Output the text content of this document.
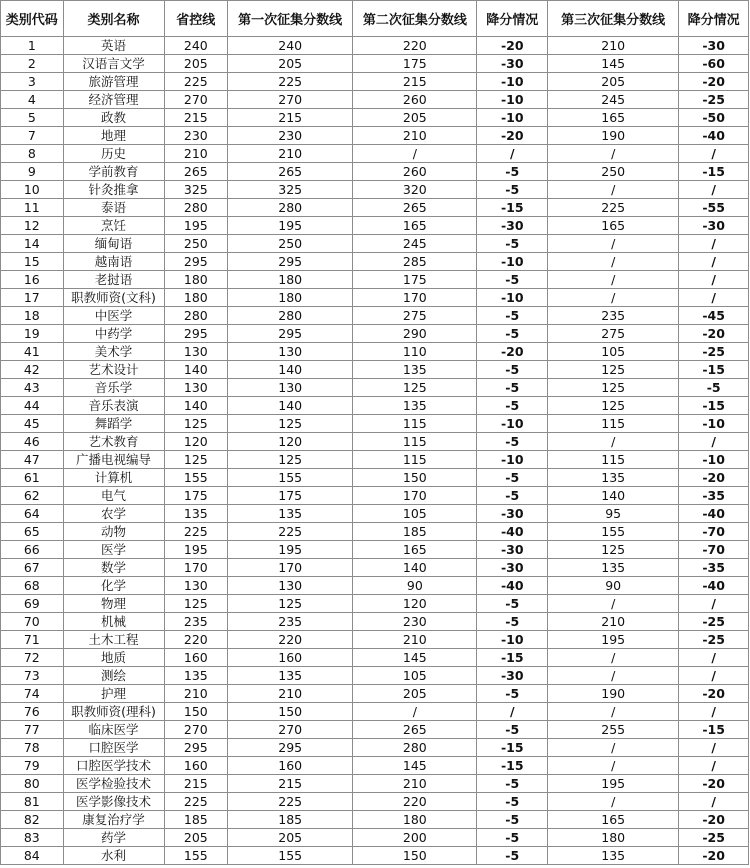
类别代码	类别名称	省控线	第一次征集分数线	第二次征集分数线	降分情况	第三次征集分数线	降分情况
1	英语	240	240	220	-20	210	-30
2	汉语言文学	205	205	175	-30	145	-60
3	旅游管理	225	225	215	-10	205	-20
4	经济管理	270	270	260	-10	245	-25
5	政教	215	215	205	-10	165	-50
7	地理	230	230	210	-20	190	-40
8	历史	210	210	/	/	/	/
9	学前教育	265	265	260	-5	250	-15
10	针灸推拿	325	325	320	-5	/	/
11	泰语	280	280	265	-15	225	-55
12	烹饪	195	195	165	-30	165	-30
14	缅甸语	250	250	245	-5	/	/
15	越南语	295	295	285	-10	/	/
16	老挝语	180	180	175	-5	/	/
17	职教师资(文科)	180	180	170	-10	/	/
18	中医学	280	280	275	-5	235	-45
19	中药学	295	295	290	-5	275	-20
41	美术学	130	130	110	-20	105	-25
42	艺术设计	140	140	135	-5	125	-15
43	音乐学	130	130	125	-5	125	-5
44	音乐表演	140	140	135	-5	125	-15
45	舞蹈学	125	125	115	-10	115	-10
46	艺术教育	120	120	115	-5	/	/
47	广播电视编导	125	125	115	-10	115	-10
61	计算机	155	155	150	-5	135	-20
62	电气	175	175	170	-5	140	-35
64	农学	135	135	105	-30	95	-40
65	动物	225	225	185	-40	155	-70
66	医学	195	195	165	-30	125	-70
67	数学	170	170	140	-30	135	-35
68	化学	130	130	90	-40	90	-40
69	物理	125	125	120	-5	/	/
70	机械	235	235	230	-5	210	-25
71	土木工程	220	220	210	-10	195	-25
72	地质	160	160	145	-15	/	/
73	测绘	135	135	105	-30	/	/
74	护理	210	210	205	-5	190	-20
76	职教师资(理科)	150	150	/	/	/	/
77	临床医学	270	270	265	-5	255	-15
78	口腔医学	295	295	280	-15	/	/
79	口腔医学技术	160	160	145	-15	/	/
80	医学检验技术	215	215	210	-5	195	-20
81	医学影像技术	225	225	220	-5	/	/
82	康复治疗学	185	185	180	-5	165	-20
83	药学	205	205	200	-5	180	-25
84	水利	155	155	150	-5	135	-20
